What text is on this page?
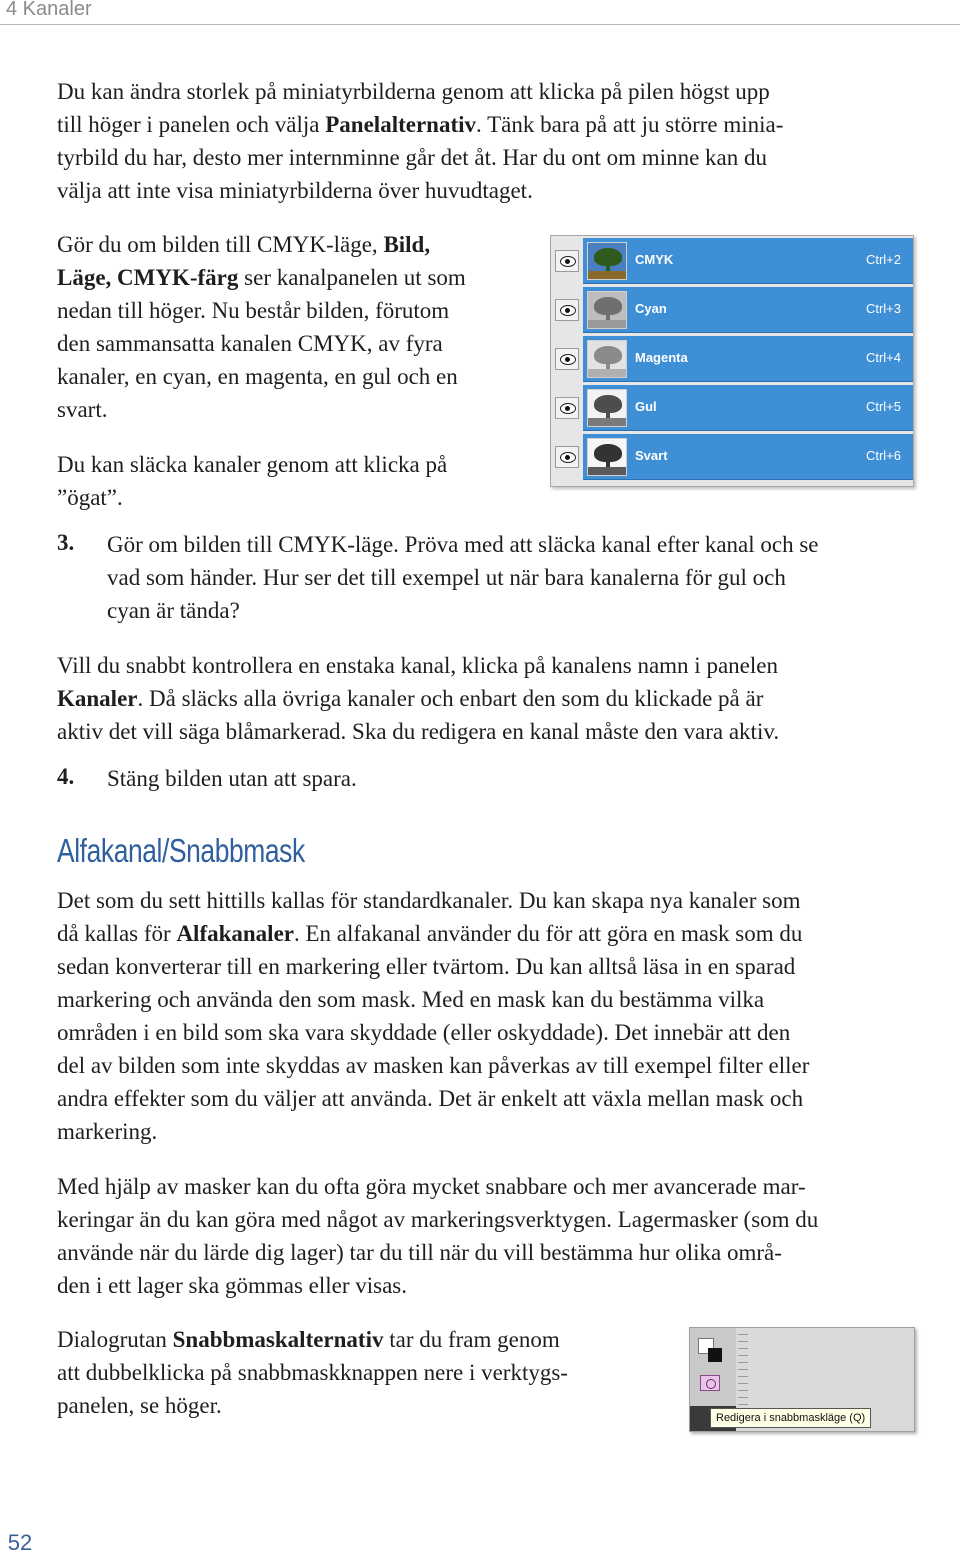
4 Kanaler

Du kan ändra storlek på miniatyrbilderna genom att klicka på pilen högst upp

till höger i panelen och välja Panelalternativ. Tänk bara på att ju större minia-

tyrbild du har, desto mer internminne går det åt. Har du ont om minne kan du

välja att inte visa miniatyrbilderna över huvudtaget.

Gör du om bilden till CMYK-läge, Bild,

Läge, CMYK-färg ser kanalpanelen ut som

nedan till höger. Nu består bilden, förutom

den sammansatta kanalen CMYK, av fyra

kanaler, en cyan, en magenta, en gul och en

svart.

Du kan släcka kanaler genom att klicka på

”ögat”.

CMYK	Ctrl+2
Cyan	Ctrl+3
Magenta	Ctrl+4
Gul	Ctrl+5
Svart	Ctrl+6
3. Gör om bilden till CMYK-läge. Pröva med att släcka kanal efter kanal och se

vad som händer. Hur ser det till exempel ut när bara kanalerna för gul och

cyan är tända?

Vill du snabbt kontrollera en enstaka kanal, klicka på kanalens namn i panelen

Kanaler. Då släcks alla övriga kanaler och enbart den som du klickade på är

aktiv det vill säga blåmarkerad. Ska du redigera en kanal måste den vara aktiv.

4. Stäng bilden utan att spara.

Alfakanal/Snabbmask

Det som du sett hittills kallas för standardkanaler. Du kan skapa nya kanaler som

då kallas för Alfakanaler. En alfakanal använder du för att göra en mask som du

sedan konverterar till en markering eller tvärtom. Du kan alltså läsa in en sparad

markering och använda den som mask. Med en mask kan du bestämma vilka

områden i en bild som ska vara skyddade (eller oskyddade). Det innebär att den

del av bilden som inte skyddas av masken kan påverkas av till exempel filter eller

andra effekter som du väljer att använda. Det är enkelt att växla mellan mask och

markering.

Med hjälp av masker kan du ofta göra mycket snabbare och mer avancerade mar-

keringar än du kan göra med något av markeringsverktygen. Lagermasker (som du

använde när du lärde dig lager) tar du till när du vill bestämma hur olika områ-

den i ett lager ska gömmas eller visas.

Dialogrutan Snabbmaskalternativ tar du fram genom

att dubbelklicka på snabbmaskknappen nere i verktygs-

panelen, se höger.	Redigera i snabbmaskläge (Q)
52
